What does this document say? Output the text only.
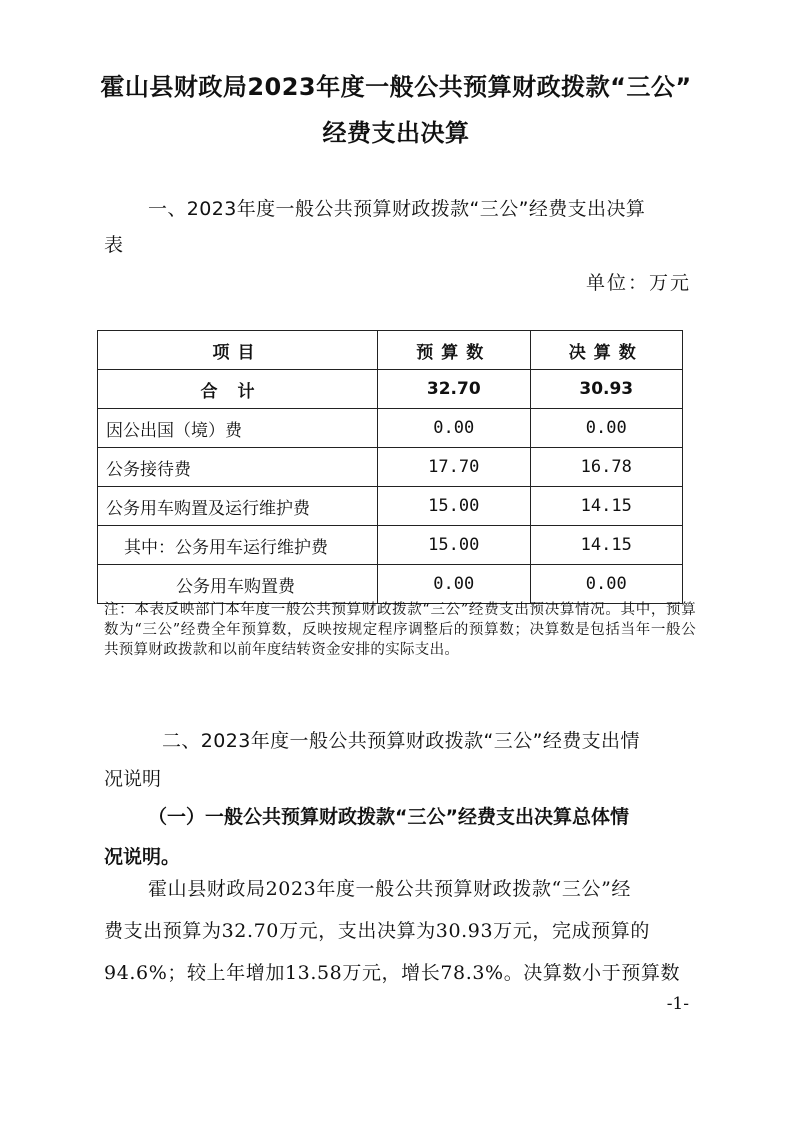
霍山县财政局2023年度一般公共预算财政拨款“三公”
经费支出决算
一、2023年度一般公共预算财政拨款“三公”经费支出决算
表
单位：万元
项目	预算数	决算数
合计	32.70	30.93
因公出国（境）费	0.00	0.00
公务接待费	17.70	16.78
公务用车购置及运行维护费	15.00	14.15
其中：公务用车运行维护费	15.00	14.15
公务用车购置费	0.00	0.00
注：本表反映部门本年度一般公共预算财政拨款“三公”经费支出预决算情况。其中，预算数为“三公”经费全年预算数，反映按规定程序调整后的预算数；决算数是包括当年一般公共预算财政拨款和以前年度结转资金安排的实际支出。
二、2023年度一般公共预算财政拨款“三公”经费支出情
况说明
（一）一般公共预算财政拨款“三公”经费支出决算总体情
况说明。
霍山县财政局2023年度一般公共预算财政拨款“三公”经
费支出预算为32.70万元，支出决算为30.93万元，完成预算的
94.6%；较上年增加13.58万元，增长78.3%。决算数小于预算数
-1-
